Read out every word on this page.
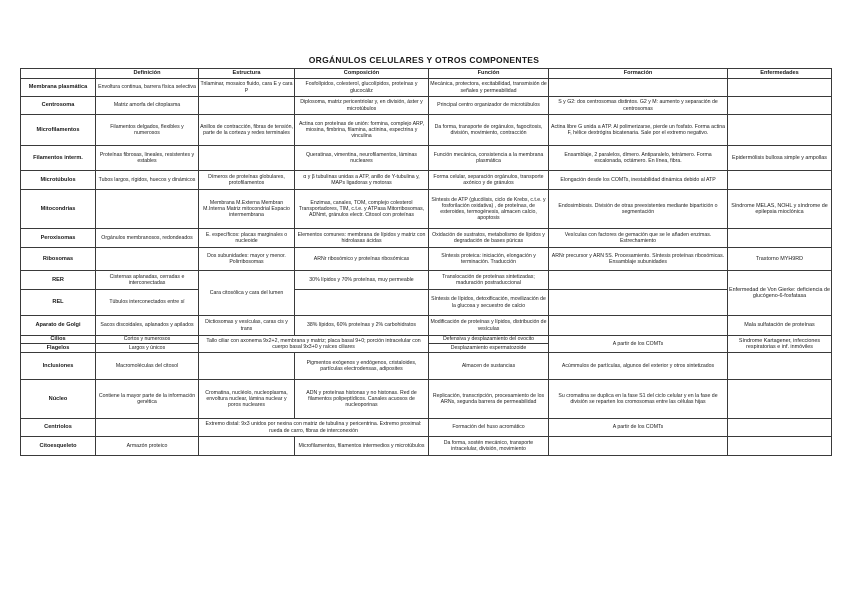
ORGÁNULOS CELULARES Y OTROS COMPONENTES
	Definición	Estructura	Composición	Función	Formación	Enfermedades
Membrana plasmática	Envoltura continua, barrera física selectiva	Trilaminar, mosaico fluido, cara E y cara P	Fosfolípidos, colesterol, glucolípidos, proteínas y glucocáliz	Mecánica, protectora, excitabilidad, transmisión de señales y permeabilidad		
Centrosoma	Matriz amorfa del citoplasma		Diplosoma, matriz pericentriolar y, en división, áster y microtúbulos	Principal centro organizador de microtúbulos	S y G2: dos centrosomas distintos. G2 y M: aumento y separación de centrosomas	
Microfilamentos	Filamentos delgados, flexibles y numerosos	Anillos de contracción, fibras de tensión, parte de la corteza y redes terminales	Actina con proteínas de unión: formina, complejo ARP, miosina, fimbrina, filamina, actinina, espectrina y vinculina	Da forma, transporte de orgánulos, fagocitosis, división, movimiento, contracción	Actina libre G unida a ATP. Al polimerizarse, pierde un fosfato. Forma actina F, hélice dextrógira bicatenaria. Sale por el extremo negativo.	
Filamentos interm.	Proteínas fibrosas, lineales, resistentes y estables		Queratinas, vimentina, neurofilamentos, láminas nucleares	Función mecánica, consistencia a la membrana plasmática	Ensamblaje, 2 paralelos, dímero. Antiparalelo, tetrámero. Forma escalonada, octámero. En línea, fibra.	Epidermólisis bullosa simple y ampollas
Microtúbulos	Tubos largos, rígidos, huecos y dinámicos	Dímeros de proteínas globulares, protofilamentos	α y β tubulinas unidas a ATP, anillo de Y-tubulina y, MAPs ligadoras y motoras	Forma celular, separación orgánulos, transporte axónico y de gránulos	Elongación desde los COMTs, inestabilidad dinámica debido al ATP	
Mitocondrias		Membrana M.Externa Membran M.Interna Matriz mitocondrial Espacio intermembrana	Enzimas, canales, TOM, complejo colesterol Transportadores, TIM, c.t.e. y ATPasa Mitorribosomas, ADNmt, gránulos electr. Citosol con proteínas	Síntesis de ATP (glucólisis, ciclo de Krebs, c.t.e. y fosforilación oxidativa) , de proteínas, de esteroides, termogénesis, almacen calcio, apoptosis	Endosimbiosis. División de otras preexistentes mediante bipartición o segmentación	Síndrome MELAS, NOHL y síndrome de epilepsia mioclónica
Peroxisomas	Orgánulos membranosos, redondeados	E. específicos: placas marginales o nucleoide	Elementos comunes: membrana de lípidos y matriz con hidrolasas ácidas	Oxidación de sustratos, metabolismo de lípidos y degradación de bases púricas	Vesículas con factores de gemación que se le añaden enzimas. Estrechamiento	
Ribosomas		Dos subunidades: mayor y menor. Polirribosomas	ARNr ribosómico y proteínas ribosómicas	Síntesis proteica: iniciación, elongación y terminación. Traducción	ARNr precursor y ARN 5S. Procesamiento. Síntesis proteínas ribosómicas. Ensamblaje subunidades	Trastorno MYH9RD
RER	Cisternas aplanadas, cerradas e interconectadas	Cara citosólica y cara del lumen	30% lípidos y 70% proteínas, muy permeable	Translocación de proteínas sintetizadas; maduración postraduccional		Enfermedad de Von Gierke: deficiencia de glucógeno-6-fosfatasa
REL	Túbulos interconectados entre sí			Síntesis de lípidos, detoxificación, movilización de la glucosa y secuestro de calcio		
Aparato de Golgi	Sacos discoidales, aplanados y apilados	Dictiosomas y vesículas, caras cis y trans	38% lípidos, 60% proteínas y 2% carbohidratos	Modificación de proteínas y lípidos, distribución de vesículas		Mala sulfatación de proteínas
Cilios	Cortos y numerosos	Tallo ciliar con axonema 9x2+2, membrana y matriz; placa basal 9+0; porción intracelular con cuerpo basal 9x3+0 y raíces ciliares		Defensiva y desplazamiento del ovocito	A partir de los COMTs	Síndrome Kartagener, infecciones respiratorias e inf. inmóviles
Flagelos	Largos y únicos			Desplazamiento espermatozoide		
Inclusiones	Macromoléculas del citosol		Pigmentos exógenos y endógenos, cristaloides, partículas electrodensas, adiposites	Almacen de sustancias	Acúmmulos de partículas, algunos del exterior y otros sintetizados	
Núcleo	Contiene la mayor parte de la información genética	Cromatina, nucléolo, nucleoplasma, envoltura nuclear, lámina nuclear y poros nucleares	ADN y proteínas histonas y no histonas. Red de filamentos polipeptídicos. Canales acuosos de nucleoporinas	Replicación, transcripción, procesamiento de los ARNs, segunda barrera de permeabilidad	Su cromatina se duplica en la fase S1 del ciclo celular y en la fase de división se reparten los cromosomas entre las células hijas	
Centriolos		Extremo distal: 9x3 unidos por nexina con matriz de tubulina y pericentrina. Extremo proximal: rueda de carro, fibras de interconexión		Formación del huso acromático	A partir de los COMTs	
Citoesqueleto	Armazón proteico		Microfilamentos, filamentos intermedios y microtúbulos	Da forma, sostén mecánico, transporte intracelular, división, movimiento		
